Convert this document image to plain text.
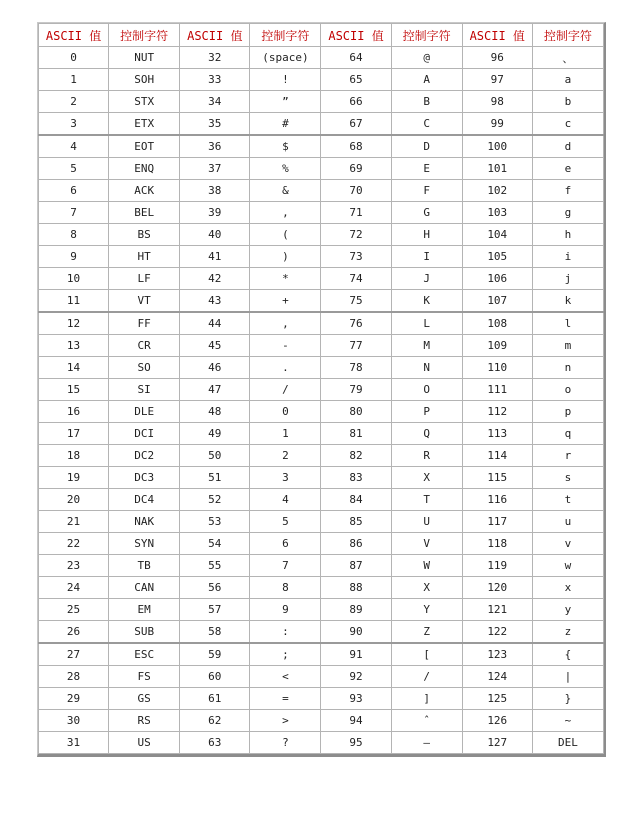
ASCII 值	控制字符	ASCII 值	控制字符	ASCII 值	控制字符	ASCII 值	控制字符
0	NUT	32	(space)	64	@	96	、
1	SOH	33	!	65	A	97	a
2	STX	34	”	66	B	98	b
3	ETX	35	#	67	C	99	c
4	EOT	36	$	68	D	100	d
5	ENQ	37	%	69	E	101	e
6	ACK	38	&	70	F	102	f
7	BEL	39	,	71	G	103	g
8	BS	40	(	72	H	104	h
9	HT	41	)	73	I	105	i
10	LF	42	*	74	J	106	j
11	VT	43	+	75	K	107	k
12	FF	44	,	76	L	108	l
13	CR	45	-	77	M	109	m
14	SO	46	.	78	N	110	n
15	SI	47	/	79	O	111	o
16	DLE	48	0	80	P	112	p
17	DCI	49	1	81	Q	113	q
18	DC2	50	2	82	R	114	r
19	DC3	51	3	83	X	115	s
20	DC4	52	4	84	T	116	t
21	NAK	53	5	85	U	117	u
22	SYN	54	6	86	V	118	v
23	TB	55	7	87	W	119	w
24	CAN	56	8	88	X	120	x
25	EM	57	9	89	Y	121	y
26	SUB	58	:	90	Z	122	z
27	ESC	59	;	91	[	123	{
28	FS	60	<	92	/	124	|
29	GS	61	=	93	]	125	}
30	RS	62	>	94	ˆ	126	~
31	US	63	?	95	—	127	DEL
